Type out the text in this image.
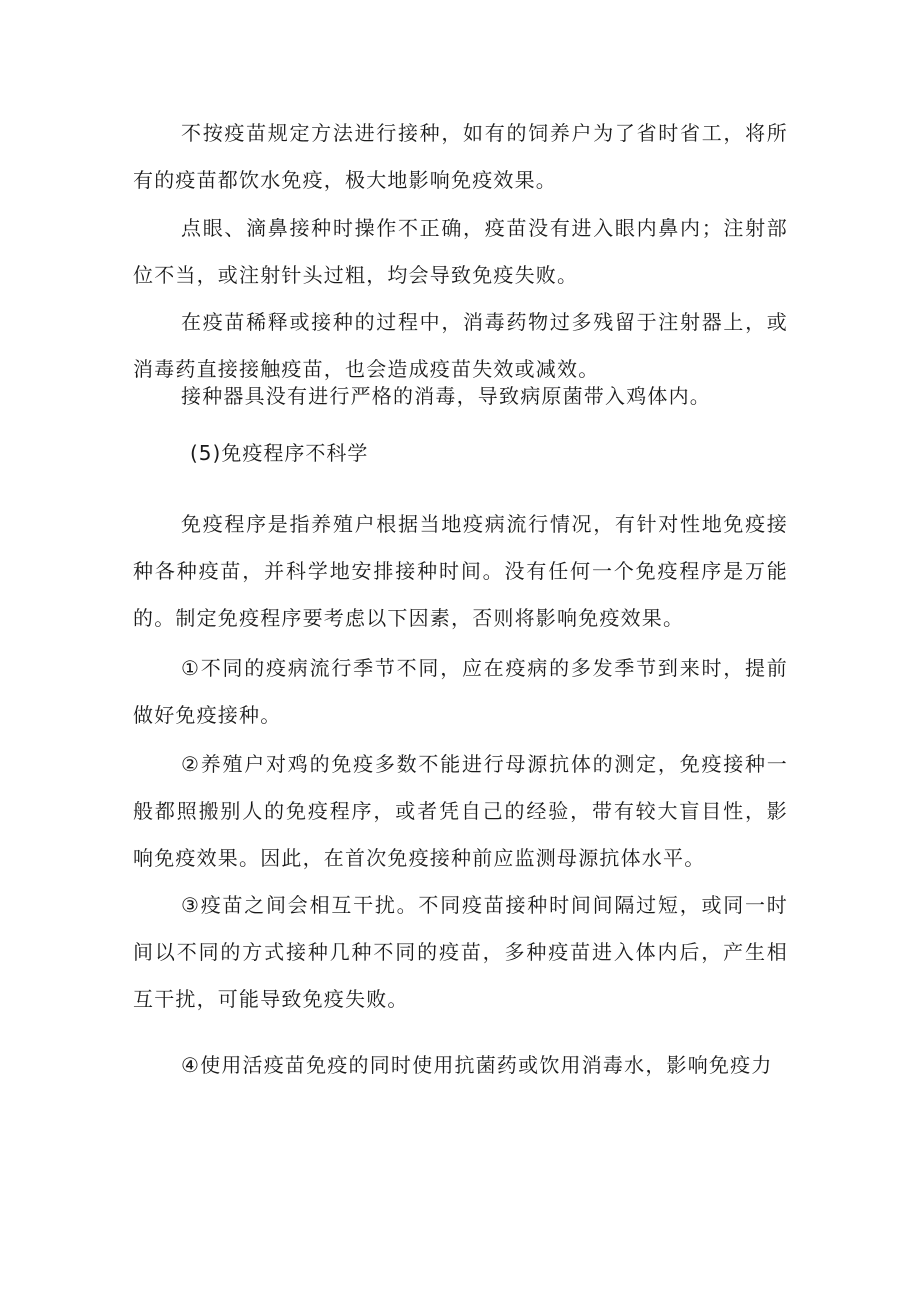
不按疫苗规定方法进行接种，如有的饲养户为了省时省工，将所有的疫苗都饮水免疫，极大地影响免疫效果。

点眼、滴鼻接种时操作不正确，疫苗没有进入眼内鼻内；注射部位不当，或注射针头过粗，均会导致免疫失败。

在疫苗稀释或接种的过程中，消毒药物过多残留于注射器上，或消毒药直接接触疫苗，也会造成疫苗失效或减效。

接种器具没有进行严格的消毒，导致病原菌带入鸡体内。

(5)免疫程序不科学

免疫程序是指养殖户根据当地疫病流行情况，有针对性地免疫接种各种疫苗，并科学地安排接种时间。没有任何一个免疫程序是万能的。制定免疫程序要考虑以下因素，否则将影响免疫效果。

①不同的疫病流行季节不同，应在疫病的多发季节到来时，提前做好免疫接种。

②养殖户对鸡的免疫多数不能进行母源抗体的测定，免疫接种一般都照搬别人的免疫程序，或者凭自己的经验，带有较大盲目性，影响免疫效果。因此，在首次免疫接种前应监测母源抗体水平。

③疫苗之间会相互干扰。不同疫苗接种时间间隔过短，或同一时间以不同的方式接种几种不同的疫苗，多种疫苗进入体内后，产生相互干扰，可能导致免疫失败。

④使用活疫苗免疫的同时使用抗菌药或饮用消毒水，影响免疫力
